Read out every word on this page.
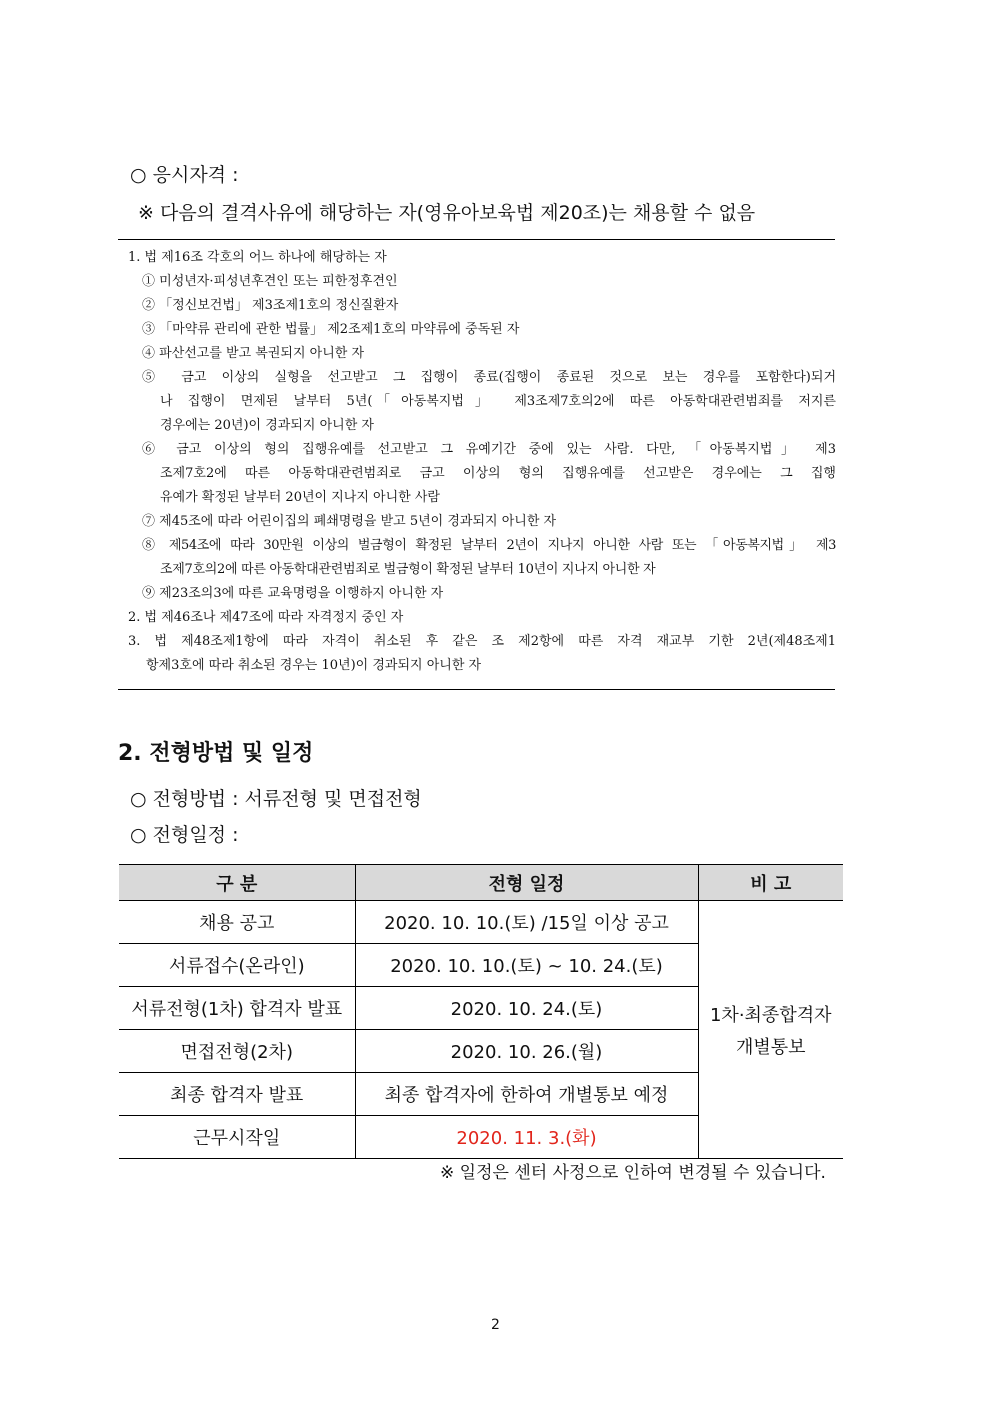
○ 응시자격 :
※ 다음의 결격사유에 해당하는 자(영유아보육법 제20조)는 채용할 수 없음
1. 법 제16조 각호의 어느 하나에 해당하는 자
① 미성년자·피성년후견인 또는 피한정후견인
② 「정신보건법」 제3조제1호의 정신질환자
③ 「마약류 관리에 관한 법률」 제2조제1호의 마약류에 중독된 자
④ 파산선고를 받고 복권되지 아니한 자
⑤ 금고 이상의 실형을 선고받고 그 집행이 종료(집행이 종료된 것으로 보는 경우를 포함한다)되거
나 집행이 면제된 날부터 5년(「아동복지법」 제3조제7호의2에 따른 아동학대관련범죄를 저지른
경우에는 20년)이 경과되지 아니한 자
⑥ 금고 이상의 형의 집행유예를 선고받고 그 유예기간 중에 있는 사람. 다만, 「아동복지법」 제3
조제7호2에 따른 아동학대관련범죄로 금고 이상의 형의 집행유예를 선고받은 경우에는 그 집행
유예가 확정된 날부터 20년이 지나지 아니한 사람
⑦ 제45조에 따라 어린이집의 폐쇄명령을 받고 5년이 경과되지 아니한 자
⑧ 제54조에 따라 30만원 이상의 벌금형이 확정된 날부터 2년이 지나지 아니한 사람 또는 「아동복지법」 제3
조제7호의2에 따른 아동학대관련범죄로 벌금형이 확정된 날부터 10년이 지나지 아니한 자
⑨ 제23조의3에 따른 교육명령을 이행하지 아니한 자
2. 법 제46조나 제47조에 따라 자격정지 중인 자
3. 법 제48조제1항에 따라 자격이 취소된 후 같은 조 제2항에 따른 자격 재교부 기한 2년(제48조제1
항제3호에 따라 취소된 경우는 10년)이 경과되지 아니한 자
2. 전형방법 및 일정
○ 전형방법 : 서류전형 및 면접전형
○ 전형일정 :
구 분	전형 일정	비 고
채용 공고	2020. 10. 10.(토) /15일 이상 공고	1차·최종합격자
개별통보

서류접수(온라인)	2020. 10. 10.(토) ~ 10. 24.(토)	
서류전형(1차) 합격자 발표	2020. 10. 24.(토)	
면접전형(2차)	2020. 10. 26.(월)	
최종 합격자 발표	최종 합격자에 한하여 개별통보 예정	
근무시작일	2020. 11. 3.(화)	
※ 일정은 센터 사정으로 인하여 변경될 수 있습니다.
2
